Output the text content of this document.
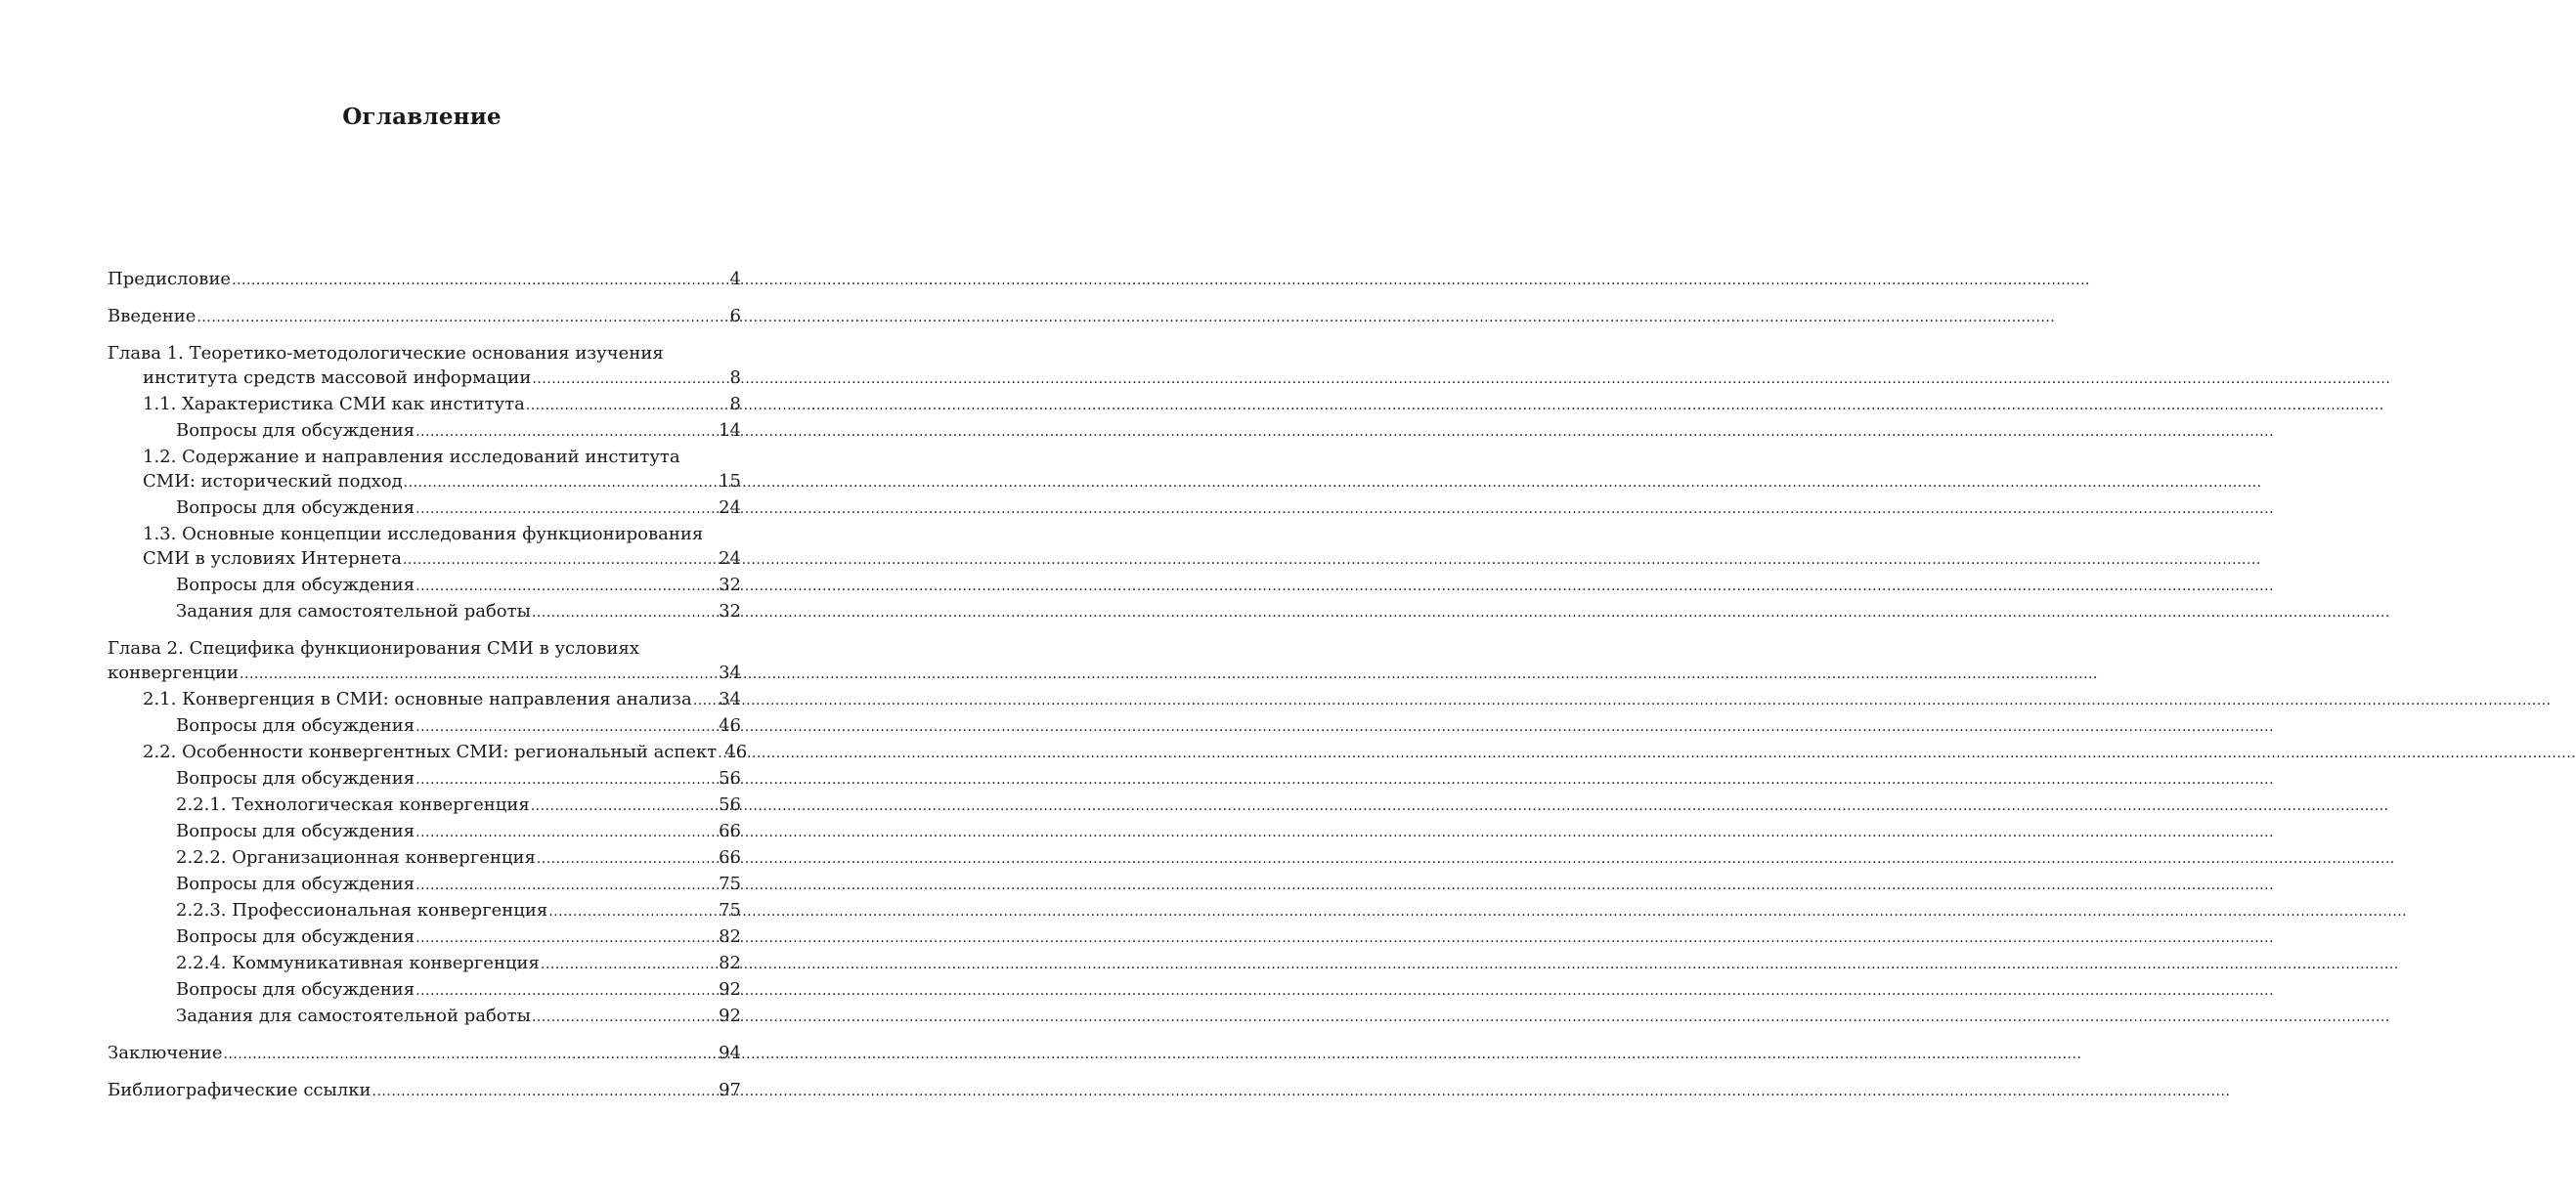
Оглавление
Предисловие .....	4
Введение .....	6
Глава 1. Теоретико-методологические основания изучения
института средств массовой информации .....	8
1.1. Характеристика СМИ как института .....	8
Вопросы для обсуждения .....	14
1.2. Содержание и направления исследований института
СМИ: исторический подход .....	15
Вопросы для обсуждения .....	24
1.3. Основные концепции исследования функционирования
СМИ в условиях Интернета .....	24
Вопросы для обсуждения .....	32
Задания для самостоятельной работы .....	32
Глава 2. Специфика функционирования СМИ в условиях
конвергенции .....	34
2.1. Конвергенция в СМИ: основные направления анализа ..... 34
Вопросы для обсуждения .....	46
2.2. Особенности конвергентных СМИ: региональный аспект ..... 46
Вопросы для обсуждения .....	56
2.2.1. Технологическая конвергенция .....	56
Вопросы для обсуждения .....	66
2.2.2. Организационная конвергенция .....	66
Вопросы для обсуждения .....	75
2.2.3. Профессиональная конвергенция .....	75
Вопросы для обсуждения .....	82
2.2.4. Коммуникативная конвергенция .....	82
Вопросы для обсуждения .....	92
Задания для самостоятельной работы .....	92
Заключение .....	94
Библиографические ссылки .....	97
